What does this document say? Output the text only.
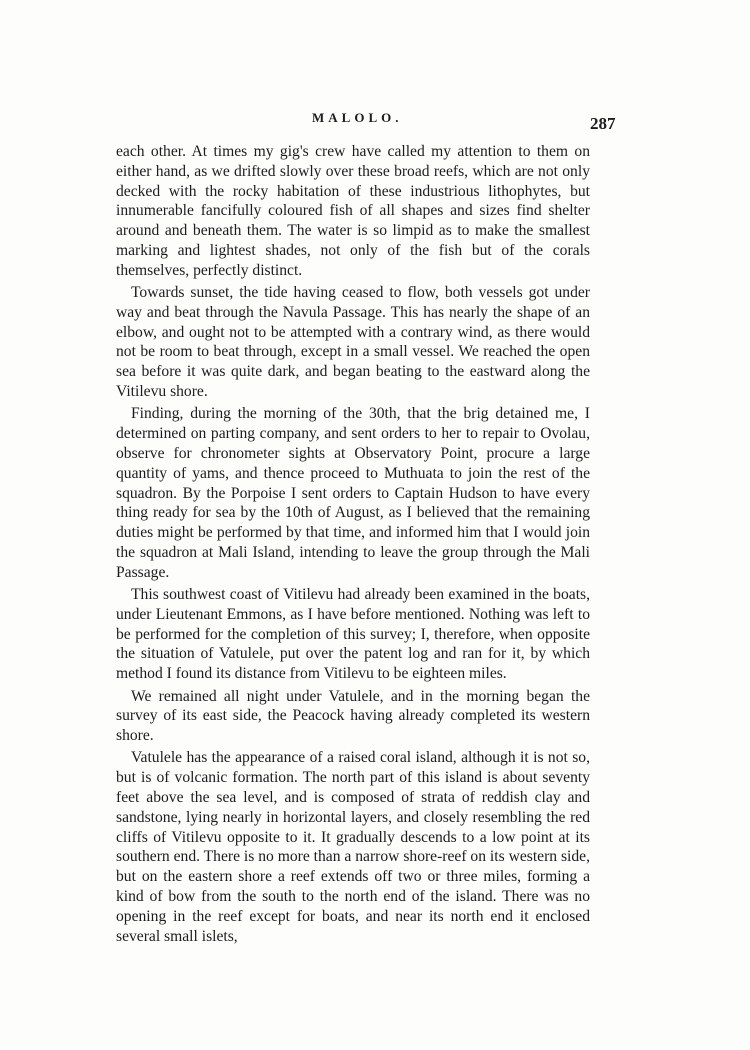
MALOLO.	287

each other. At times my gig's crew have called my attention to them on either hand, as we drifted slowly over these broad reefs, which are not only decked with the rocky habitation of these industrious lithophytes, but innumerable fancifully coloured fish of all shapes and sizes find shelter around and beneath them. The water is so limpid as to make the smallest marking and lightest shades, not only of the fish but of the corals themselves, perfectly distinct.

Towards sunset, the tide having ceased to flow, both vessels got under way and beat through the Navula Passage. This has nearly the shape of an elbow, and ought not to be attempted with a contrary wind, as there would not be room to beat through, except in a small vessel. We reached the open sea before it was quite dark, and began beating to the eastward along the Vitilevu shore.

Finding, during the morning of the 30th, that the brig detained me, I determined on parting company, and sent orders to her to repair to Ovolau, observe for chronometer sights at Observatory Point, procure a large quantity of yams, and thence proceed to Muthuata to join the rest of the squadron. By the Porpoise I sent orders to Captain Hudson to have every thing ready for sea by the 10th of August, as I believed that the remaining duties might be performed by that time, and informed him that I would join the squadron at Mali Island, intending to leave the group through the Mali Passage.

This southwest coast of Vitilevu had already been examined in the boats, under Lieutenant Emmons, as I have before mentioned. Nothing was left to be performed for the completion of this survey; I, therefore, when opposite the situation of Vatulele, put over the patent log and ran for it, by which method I found its distance from Vitilevu to be eighteen miles.

We remained all night under Vatulele, and in the morning began the survey of its east side, the Peacock having already completed its western shore.

Vatulele has the appearance of a raised coral island, although it is not so, but is of volcanic formation. The north part of this island is about seventy feet above the sea level, and is composed of strata of reddish clay and sandstone, lying nearly in horizontal layers, and closely resembling the red cliffs of Vitilevu opposite to it. It gradually descends to a low point at its southern end. There is no more than a narrow shore-reef on its western side, but on the eastern shore a reef extends off two or three miles, forming a kind of bow from the south to the north end of the island. There was no opening in the reef except for boats, and near its north end it enclosed several small islets,
